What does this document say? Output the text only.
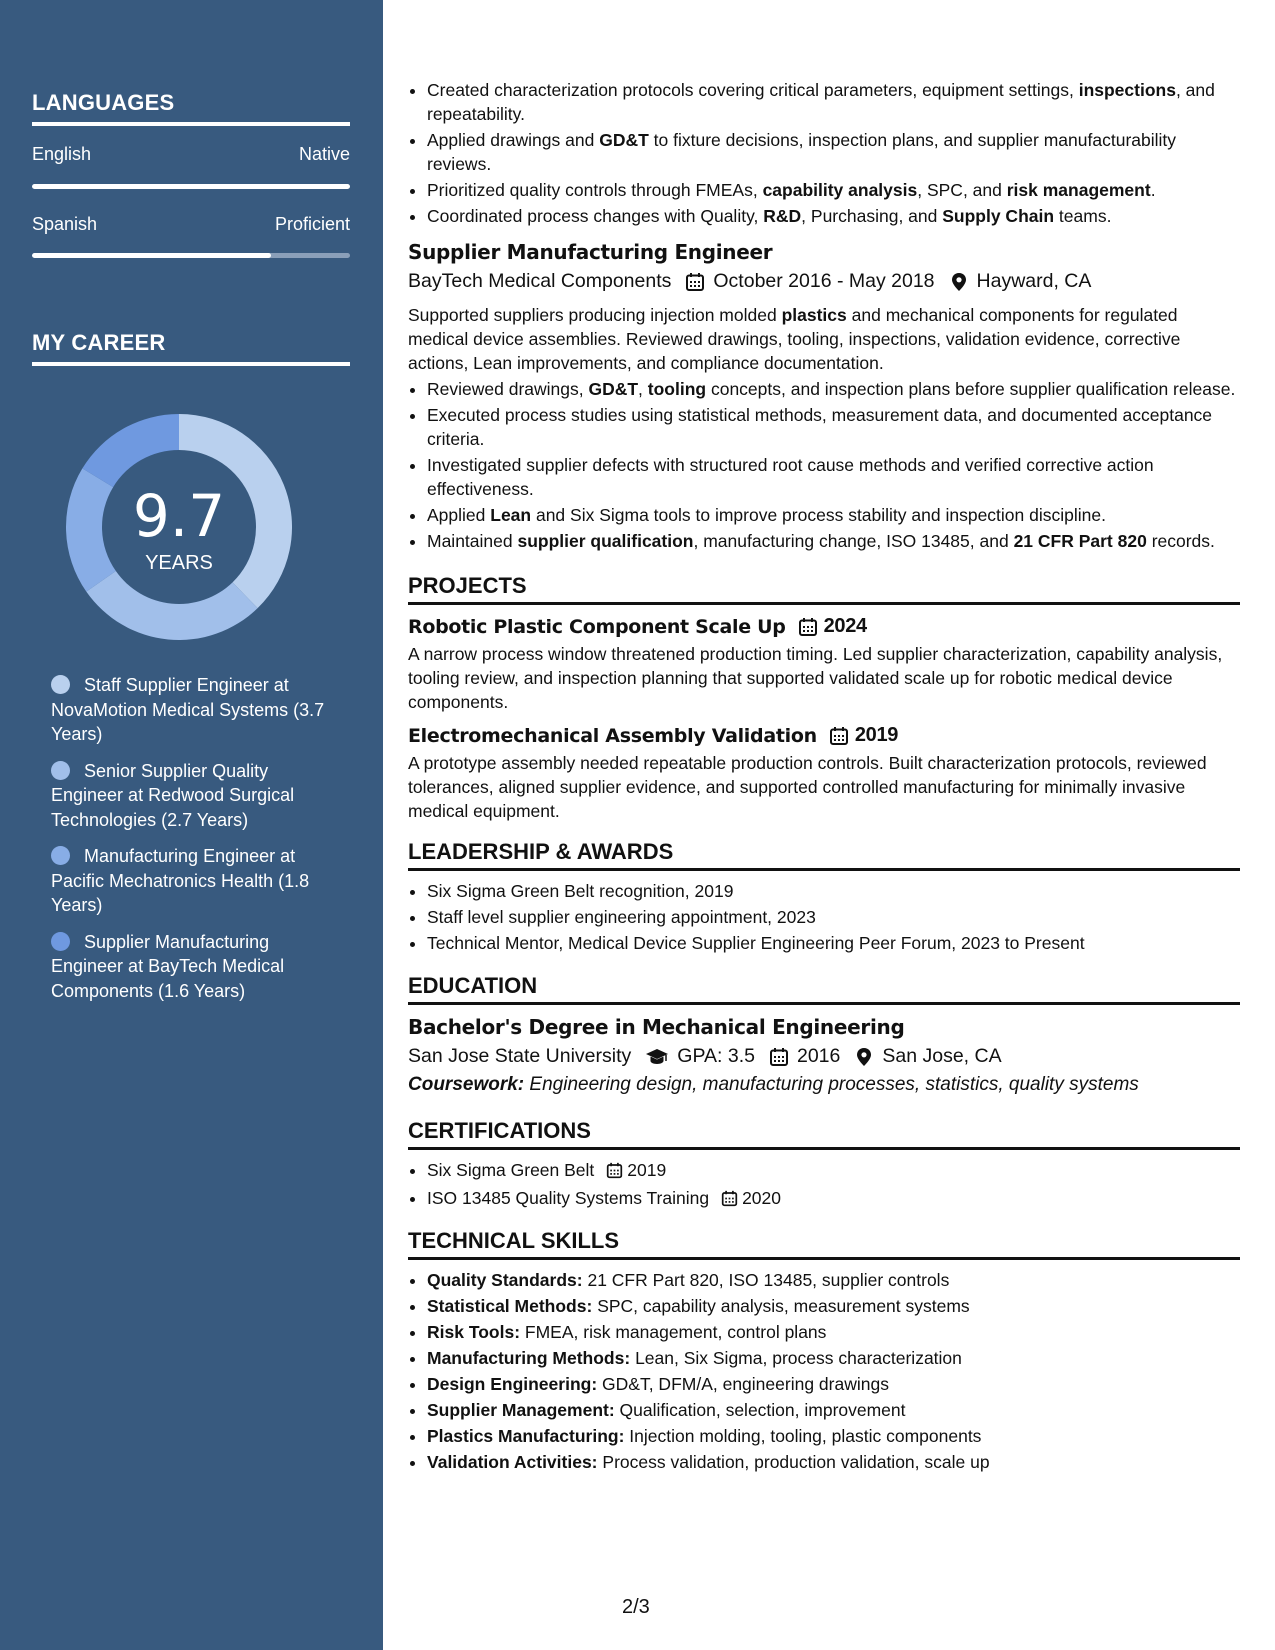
LANGUAGES
English	Native
Spanish	Proficient
MY CAREER
9.7
YEARS
Staff Supplier Engineer at NovaMotion Medical Systems (3.7 Years)
Senior Supplier Quality Engineer at Redwood Surgical Technologies (2.7 Years)
Manufacturing Engineer at Pacific Mechatronics Health (1.8 Years)
Supplier Manufacturing Engineer at BayTech Medical Components (1.6 Years)
• Created characterization protocols covering critical parameters, equipment settings, inspections, and repeatability.
• Applied drawings and GD&T to fixture decisions, inspection plans, and supplier manufacturability reviews.
• Prioritized quality controls through FMEAs, capability analysis, SPC, and risk management.
• Coordinated process changes with Quality, R&D, Purchasing, and Supply Chain teams.
Supplier Manufacturing Engineer
BayTech Medical Components October 2016 - May 2018 Hayward, CA
Supported suppliers producing injection molded plastics and mechanical components for regulated medical device assemblies. Reviewed drawings, tooling, inspections, validation evidence, corrective actions, Lean improvements, and compliance documentation.
• Reviewed drawings, GD&T, tooling concepts, and inspection plans before supplier qualification release.
• Executed process studies using statistical methods, measurement data, and documented acceptance criteria.
• Investigated supplier defects with structured root cause methods and verified corrective action effectiveness.
• Applied Lean and Six Sigma tools to improve process stability and inspection discipline.
• Maintained supplier qualification, manufacturing change, ISO 13485, and 21 CFR Part 820 records.
PROJECTS
Robotic Plastic Component Scale Up 2024
A narrow process window threatened production timing. Led supplier characterization, capability analysis, tooling review, and inspection planning that supported validated scale up for robotic medical device components.
Electromechanical Assembly Validation 2019
A prototype assembly needed repeatable production controls. Built characterization protocols, reviewed tolerances, aligned supplier evidence, and supported controlled manufacturing for minimally invasive medical equipment.
LEADERSHIP & AWARDS
• Six Sigma Green Belt recognition, 2019
• Staff level supplier engineering appointment, 2023
• Technical Mentor, Medical Device Supplier Engineering Peer Forum, 2023 to Present
EDUCATION
Bachelor's Degree in Mechanical Engineering
San Jose State University GPA: 3.5 2016 San Jose, CA
Coursework: Engineering design, manufacturing processes, statistics, quality systems
CERTIFICATIONS
• Six Sigma Green Belt 2019
• ISO 13485 Quality Systems Training 2020
TECHNICAL SKILLS
• Quality Standards: 21 CFR Part 820, ISO 13485, supplier controls
• Statistical Methods: SPC, capability analysis, measurement systems
• Risk Tools: FMEA, risk management, control plans
• Manufacturing Methods: Lean, Six Sigma, process characterization
• Design Engineering: GD&T, DFM/A, engineering drawings
• Supplier Management: Qualification, selection, improvement
• Plastics Manufacturing: Injection molding, tooling, plastic components
• Validation Activities: Process validation, production validation, scale up
2/3
